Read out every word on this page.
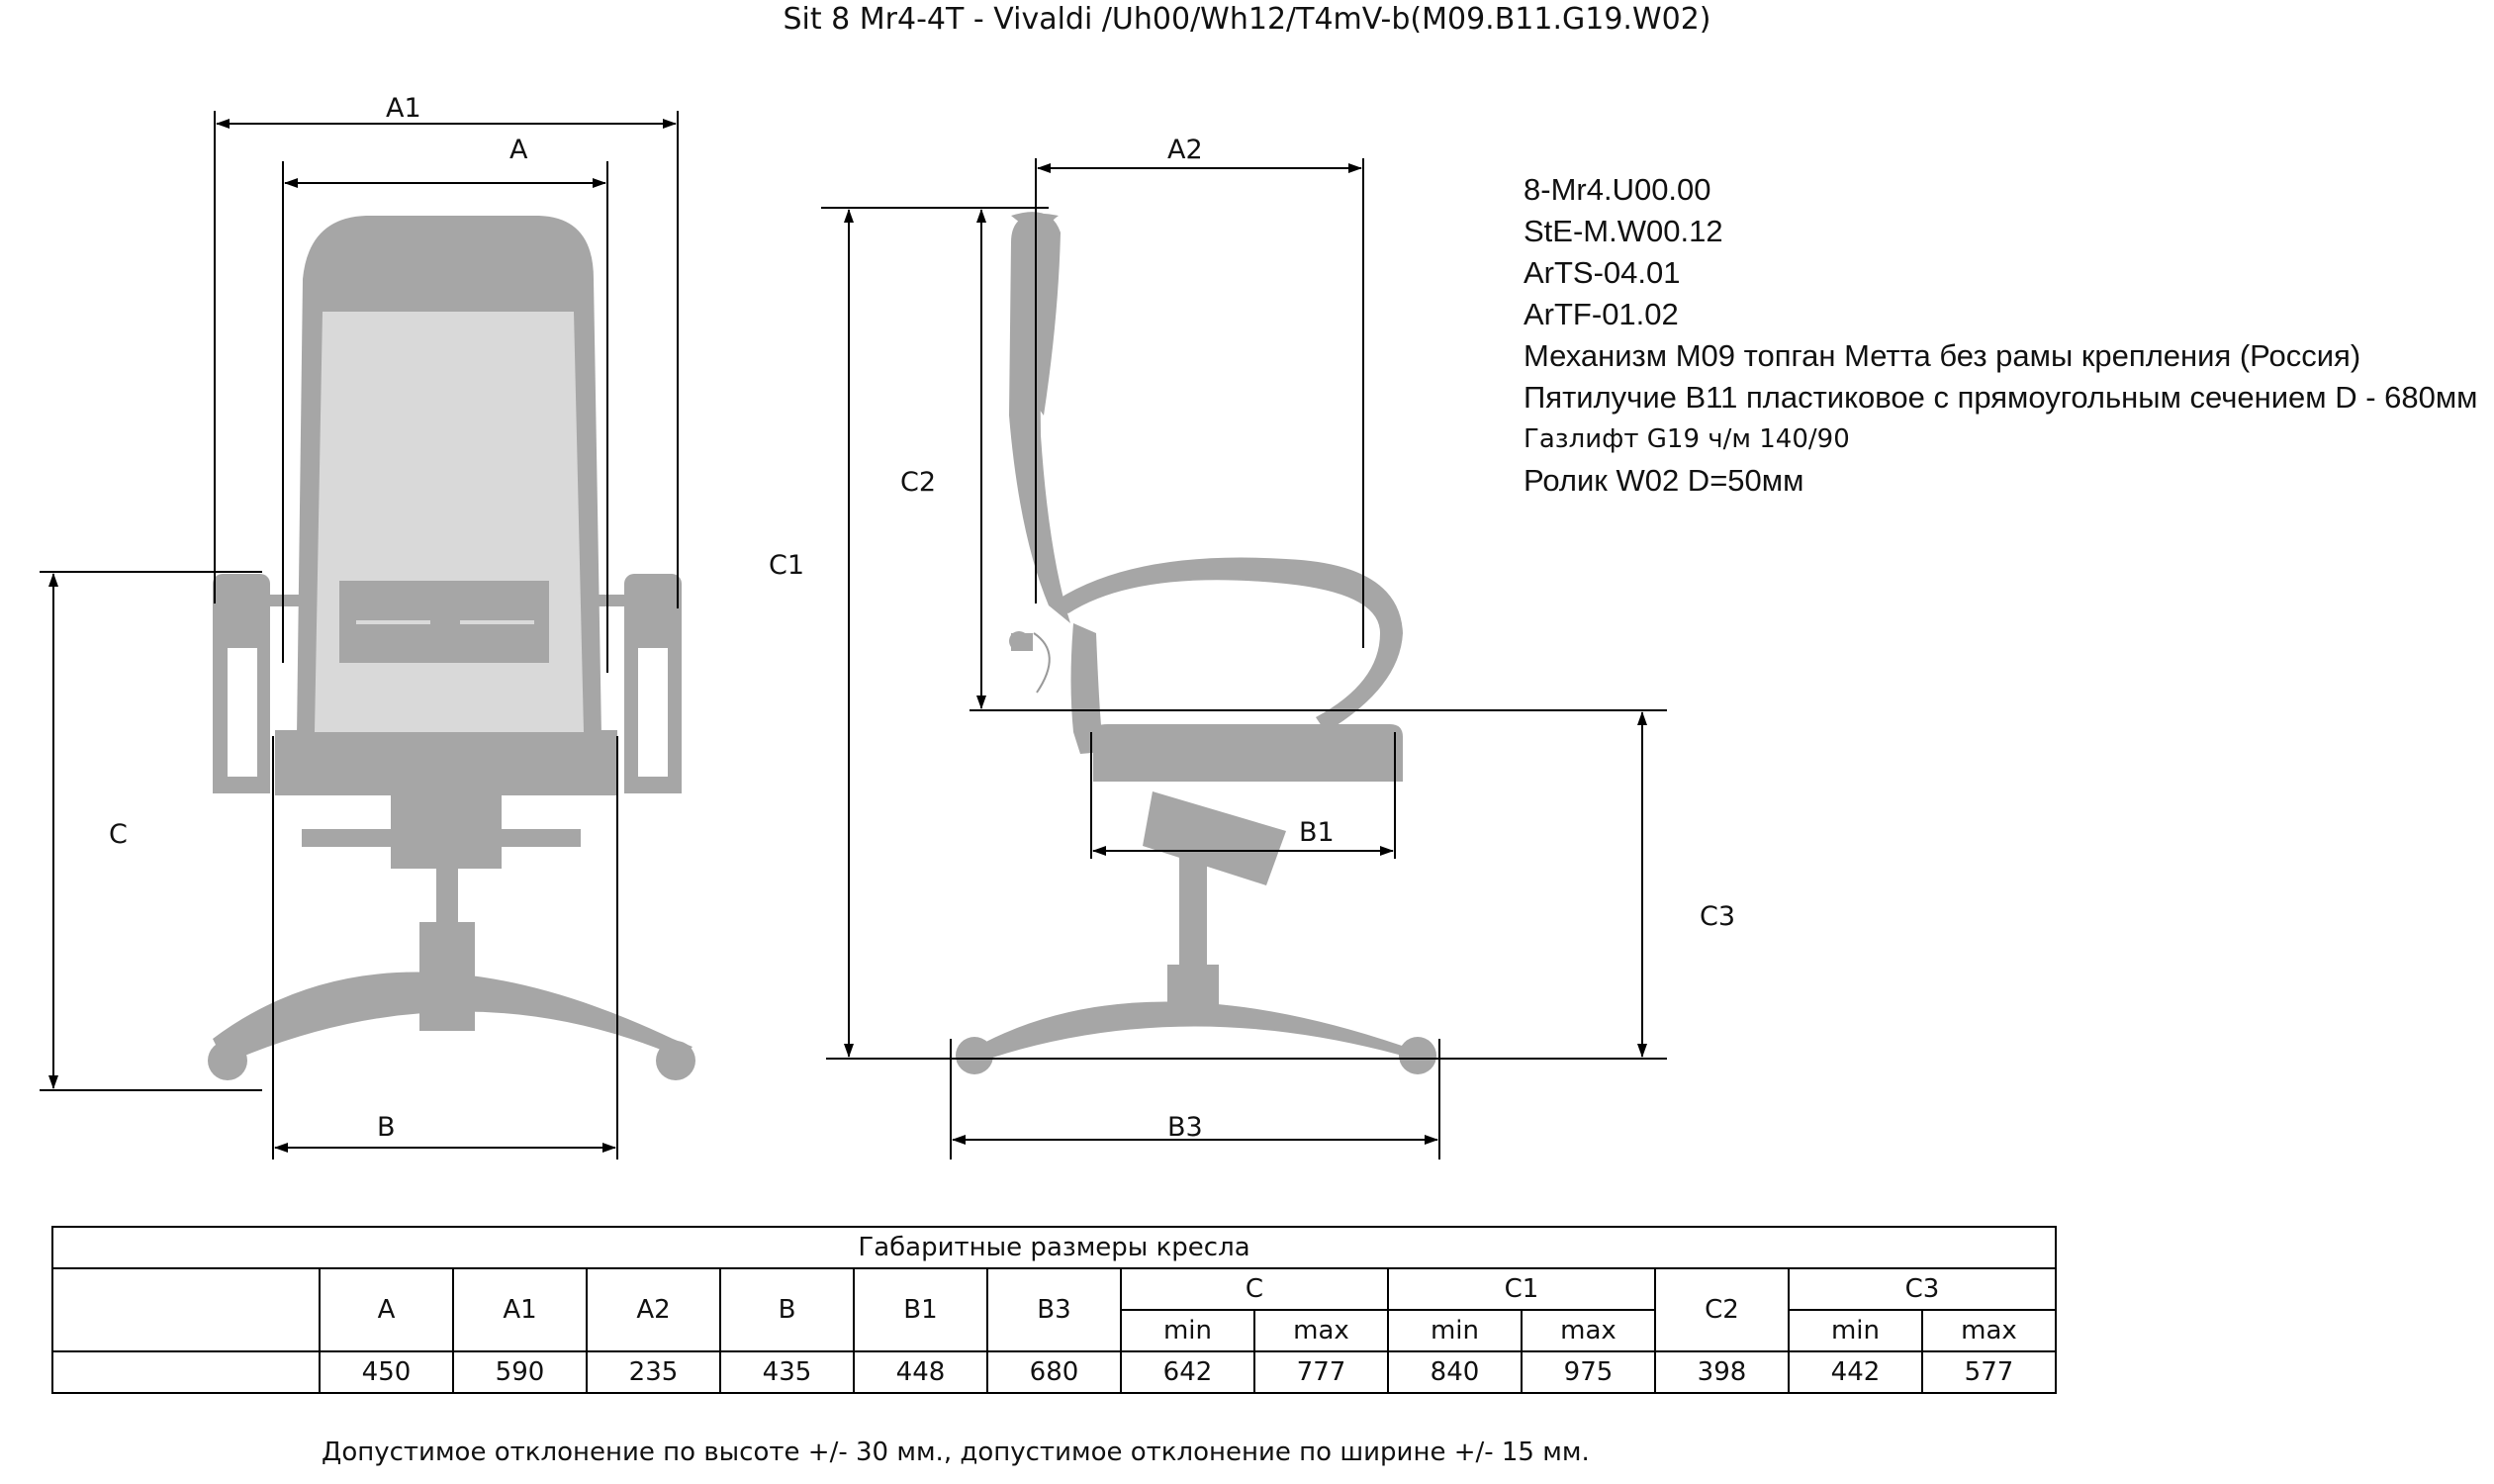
Sit 8 Mr4-4T - Vivaldi /Uh00/Wh12/T4mV-b(M09.B11.G19.W02)
A1
A
C
B
A2
C1
C2
C3
B1
B3
8-Mr4.U00.00
StE-M.W00.12
ArTS-04.01
ArTF-01.02
Механизм M09 топган Метта без рамы крепления (Россия)
Пятилучие B11 пластиковое с прямоугольным сечением D - 680мм
Газлифт G19 ч/м 140/90
Ролик W02 D=50мм
Габаритные размеры кресла													
	A	A1	A2	B	B1	B3	C		C1		C2	C3	
							min	max	min	max		min	max
	450	590	235	435	448	680	642	777	840	975	398	442	577
Допустимое отклонение по высоте +/- 30 мм., допустимое отклонение по ширине +/- 15 мм.
